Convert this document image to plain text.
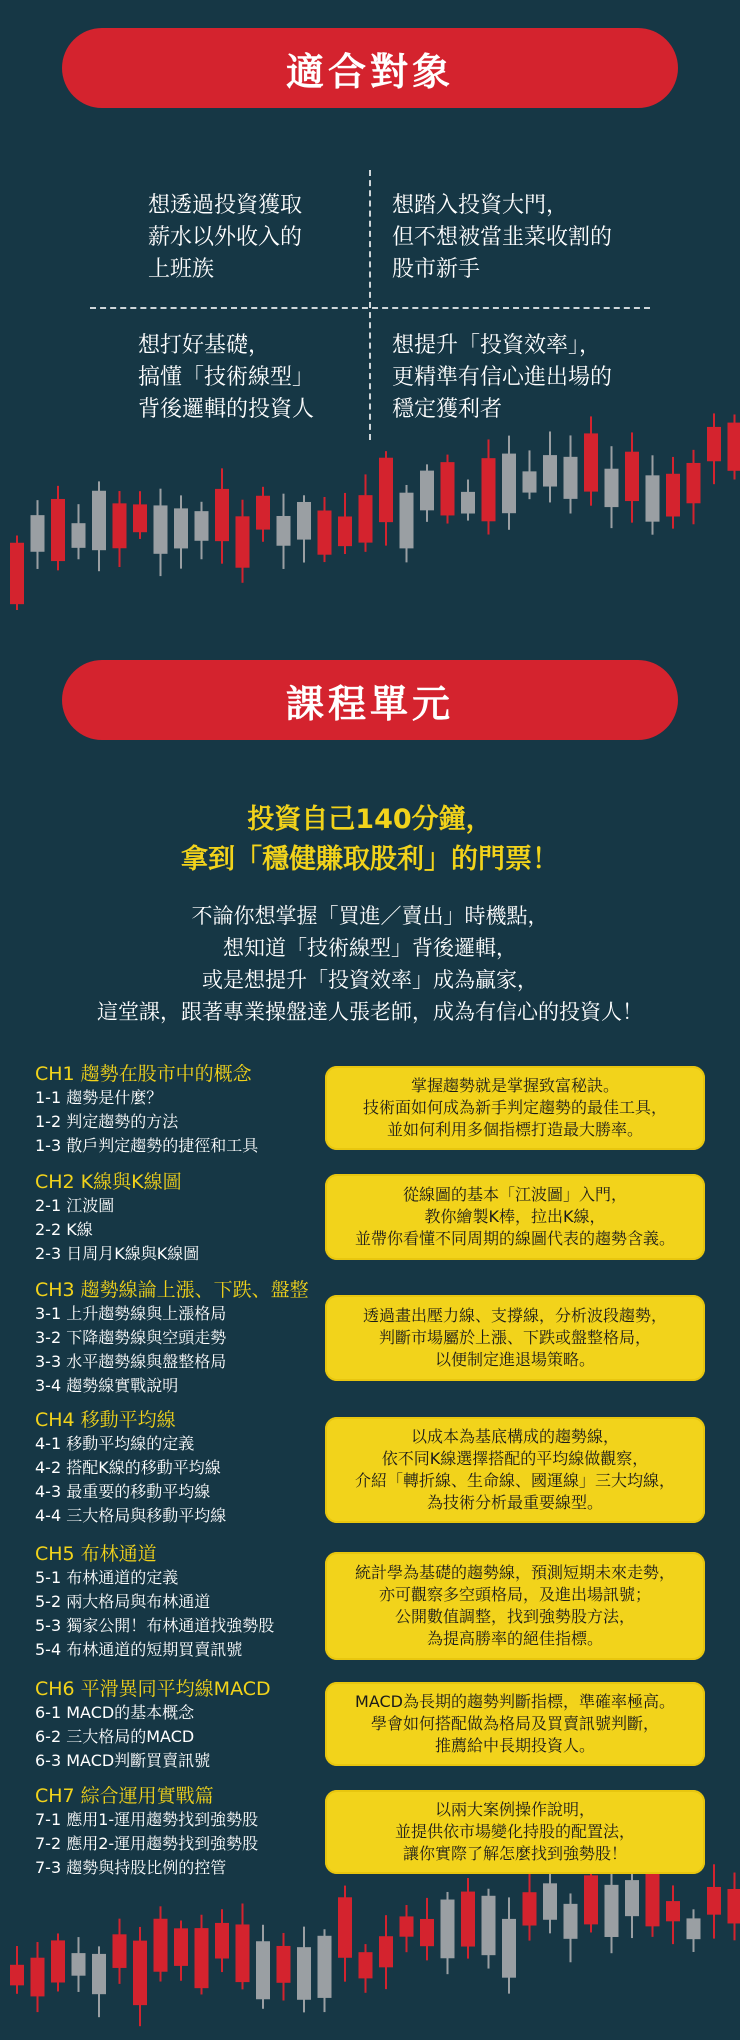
適合對象
想透過投資獲取
薪水以外收入的
上班族
想踏入投資大門，
但不想被當韭菜收割的
股市新手
想打好基礎，
搞懂「技術線型」
背後邏輯的投資人
想提升「投資效率」，
更精準有信心進出場的
穩定獲利者
課程單元
投資自己140分鐘，
拿到「穩健賺取股利」的門票！
不論你想掌握「買進／賣出」時機點，
想知道「技術線型」背後邏輯，
或是想提升「投資效率」成為贏家，
這堂課，跟著專業操盤達人張老師，成為有信心的投資人！
CH1 趨勢在股市中的概念
1-1 趨勢是什麼？
1-2 判定趨勢的方法
1-3 散戶判定趨勢的捷徑和工具
掌握趨勢就是掌握致富秘訣。
技術面如何成為新手判定趨勢的最佳工具，
並如何利用多個指標打造最大勝率。
CH2 K線與K線圖
2-1 江波圖
2-2 K線
2-3 日周月K線與K線圖
從線圖的基本「江波圖」入門，
教你繪製K棒，拉出K線，
並帶你看懂不同周期的線圖代表的趨勢含義。
CH3 趨勢線論上漲、下跌、盤整
3-1 上升趨勢線與上漲格局
3-2 下降趨勢線與空頭走勢
3-3 水平趨勢線與盤整格局
3-4 趨勢線實戰說明
透過畫出壓力線、支撐線，分析波段趨勢，
判斷市場屬於上漲、下跌或盤整格局，
以便制定進退場策略。
CH4 移動平均線
4-1 移動平均線的定義
4-2 搭配K線的移動平均線
4-3 最重要的移動平均線
4-4 三大格局與移動平均線
以成本為基底構成的趨勢線，
依不同K線選擇搭配的平均線做觀察，
介紹「轉折線、生命線、國運線」三大均線，
為技術分析最重要線型。
CH5 布林通道
5-1 布林通道的定義
5-2 兩大格局與布林通道
5-3 獨家公開！布林通道找強勢股
5-4 布林通道的短期買賣訊號
統計學為基礎的趨勢線，預測短期未來走勢，
亦可觀察多空頭格局，及進出場訊號；
公開數值調整，找到強勢股方法，
為提高勝率的絕佳指標。
CH6 平滑異同平均線MACD
6-1 MACD的基本概念
6-2 三大格局的MACD
6-3 MACD判斷買賣訊號
MACD為長期的趨勢判斷指標，準確率極高。
學會如何搭配做為格局及買賣訊號判斷，
推薦給中長期投資人。
CH7 綜合運用實戰篇
7-1 應用1-運用趨勢找到強勢股
7-2 應用2-運用趨勢找到強勢股
7-3 趨勢與持股比例的控管
以兩大案例操作說明，
並提供依市場變化持股的配置法，
讓你實際了解怎麼找到強勢股！
